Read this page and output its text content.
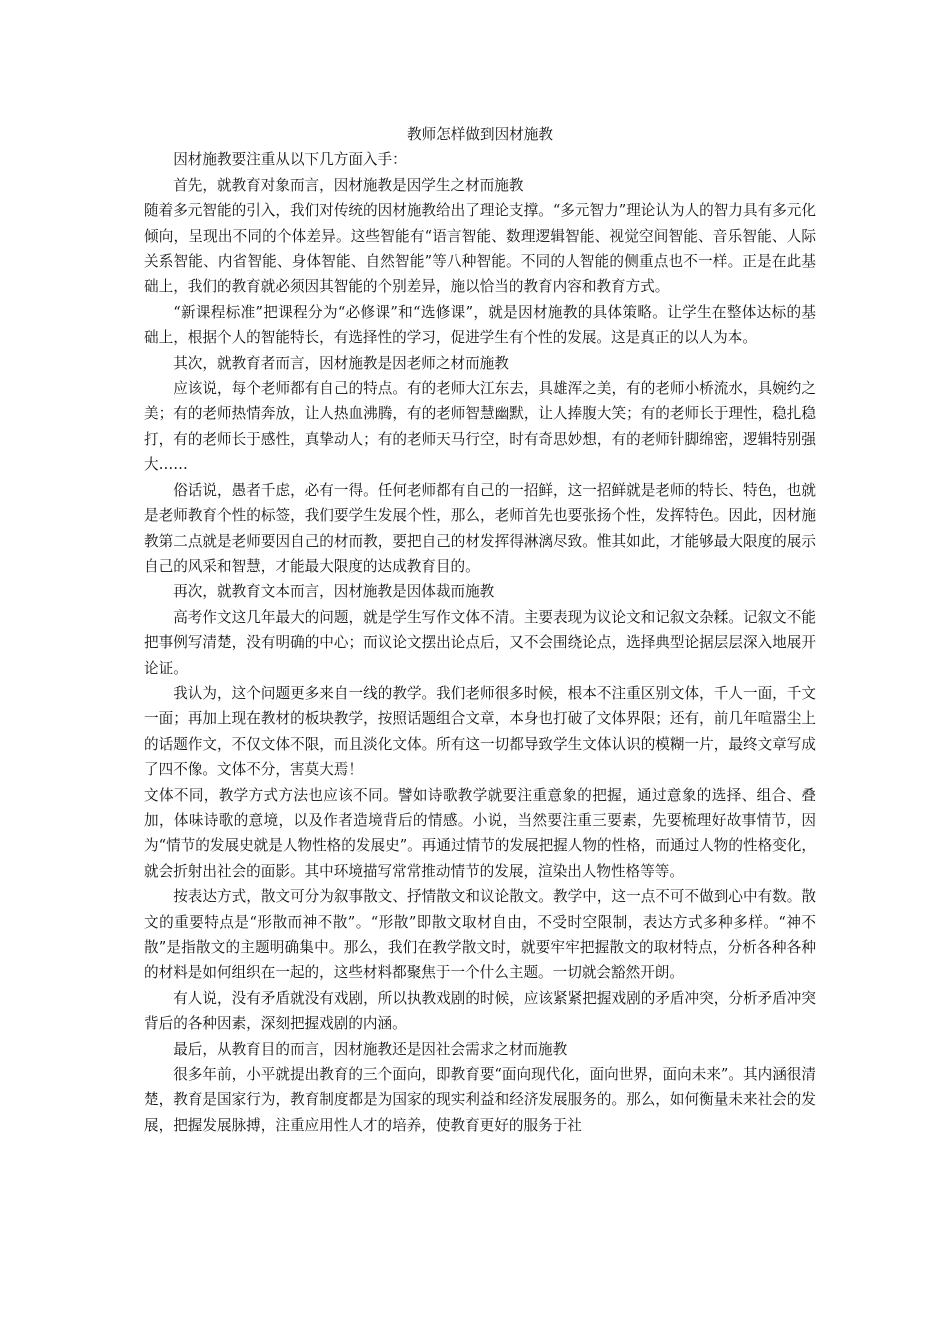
教师怎样做到因材施教

因材施教要注重从以下几方面入手：

首先，就教育对象而言，因材施教是因学生之材而施教

随着多元智能的引入，我们对传统的因材施教给出了理论支撑。“多元智力”理论认为人的智力具有多元化倾向，呈现出不同的个体差异。这些智能有“语言智能、数理逻辑智能、视觉空间智能、音乐智能、人际关系智能、内省智能、身体智能、自然智能”等八种智能。不同的人智能的侧重点也不一样。正是在此基础上，我们的教育就必须因其智能的个别差异，施以恰当的教育内容和教育方式。

“新课程标准”把课程分为“必修课”和“选修课”，就是因材施教的具体策略。让学生在整体达标的基础上，根据个人的智能特长，有选择性的学习，促进学生有个性的发展。这是真正的以人为本。

其次，就教育者而言，因材施教是因老师之材而施教

应该说，每个老师都有自己的特点。有的老师大江东去，具雄浑之美，有的老师小桥流水，具婉约之美；有的老师热情奔放，让人热血沸腾，有的老师智慧幽默，让人捧腹大笑；有的老师长于理性，稳扎稳打，有的老师长于感性，真挚动人；有的老师天马行空，时有奇思妙想，有的老师针脚绵密，逻辑特别强大……

俗话说，愚者千虑，必有一得。任何老师都有自己的一招鲜，这一招鲜就是老师的特长、特色，也就是老师教育个性的标签，我们要学生发展个性，那么，老师首先也要张扬个性，发挥特色。因此，因材施教第二点就是老师要因自己的材而教，要把自己的材发挥得淋漓尽致。惟其如此，才能够最大限度的展示自己的风采和智慧，才能最大限度的达成教育目的。

再次，就教育文本而言，因材施教是因体裁而施教

高考作文这几年最大的问题，就是学生写作文体不清。主要表现为议论文和记叙文杂糅。记叙文不能把事例写清楚，没有明确的中心；而议论文摆出论点后，又不会围绕论点，选择典型论据层层深入地展开论证。

我认为，这个问题更多来自一线的教学。我们老师很多时候，根本不注重区别文体，千人一面，千文一面；再加上现在教材的板块教学，按照话题组合文章，本身也打破了文体界限；还有，前几年喧嚣尘上的话题作文，不仅文体不限，而且淡化文体。所有这一切都导致学生文体认识的模糊一片，最终文章写成了四不像。文体不分，害莫大焉！

文体不同，教学方式方法也应该不同。譬如诗歌教学就要注重意象的把握，通过意象的选择、组合、叠加，体味诗歌的意境，以及作者造境背后的情感。小说，当然要注重三要素，先要梳理好故事情节，因为“情节的发展史就是人物性格的发展史”。再通过情节的发展把握人物的性格，而通过人物的性格变化，就会折射出社会的面影。其中环境描写常常推动情节的发展，渲染出人物性格等等。

按表达方式，散文可分为叙事散文、抒情散文和议论散文。教学中，这一点不可不做到心中有数。散文的重要特点是“形散而神不散”。“形散”即散文取材自由，不受时空限制，表达方式多种多样。“神不散”是指散文的主题明确集中。那么，我们在教学散文时，就要牢牢把握散文的取材特点，分析各种各种的材料是如何组织在一起的，这些材料都聚焦于一个什么主题。一切就会豁然开朗。

有人说，没有矛盾就没有戏剧，所以执教戏剧的时候，应该紧紧把握戏剧的矛盾冲突，分析矛盾冲突背后的各种因素，深刻把握戏剧的内涵。

最后，从教育目的而言，因材施教还是因社会需求之材而施教

很多年前，小平就提出教育的三个面向，即教育要“面向现代化，面向世界，面向未来”。其内涵很清楚，教育是国家行为，教育制度都是为国家的现实利益和经济发展服务的。那么，如何衡量未来社会的发展，把握发展脉搏，注重应用性人才的培养，使教育更好的服务于社
